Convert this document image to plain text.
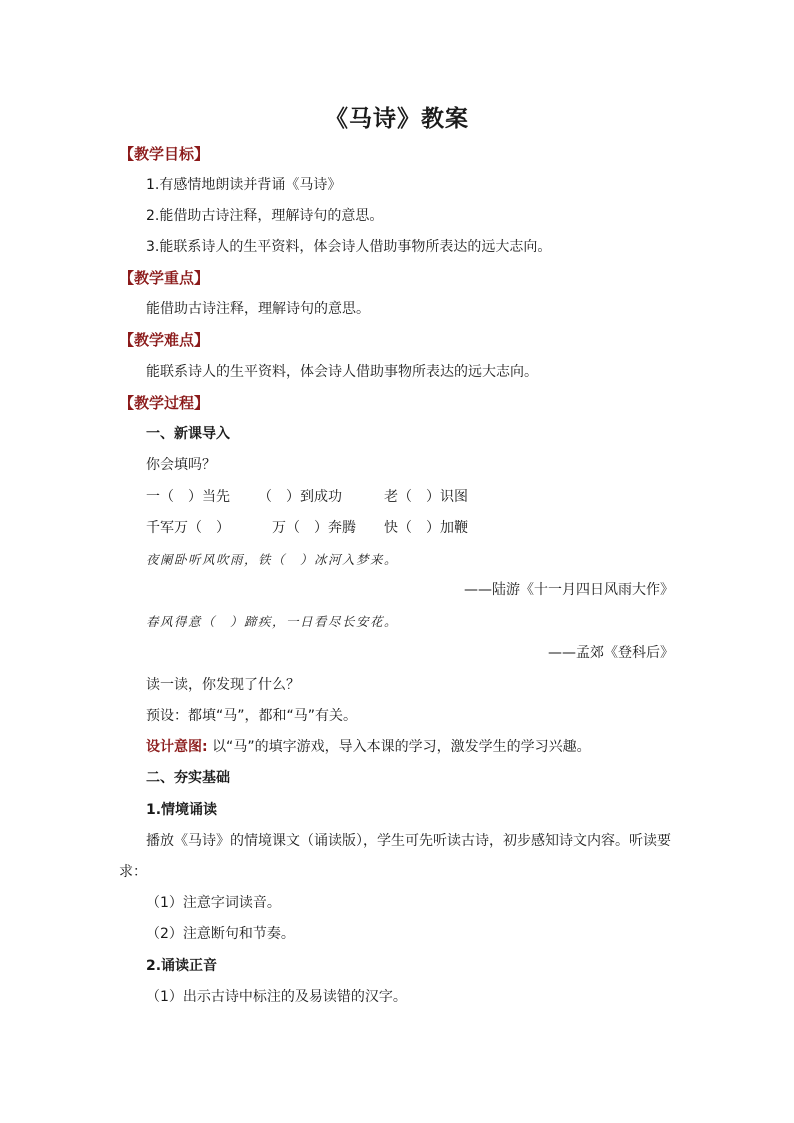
《马诗》教案
【教学目标】
1.有感情地朗读并背诵《马诗》
2.能借助古诗注释，理解诗句的意思。
3.能联系诗人的生平资料，体会诗人借助事物所表达的远大志向。
【教学重点】
能借助古诗注释，理解诗句的意思。
【教学难点】
能联系诗人的生平资料，体会诗人借助事物所表达的远大志向。
【教学过程】
一、新课导入
你会填吗？
一（　）当先 （　）到成功	老（　）识图
千军万（　）	万（　）奔腾 快（　）加鞭
夜阑卧听风吹雨，铁（　）冰河入梦来。
——陆游《十一月四日风雨大作》
春风得意（　）蹄疾，一日看尽长安花。
——孟郊《登科后》
读一读，你发现了什么？
预设：都填“马”，都和“马”有关。
设计意图: 以“马”的填字游戏，导入本课的学习，激发学生的学习兴趣。
二、夯实基础
1.情境诵读
播放《马诗》的情境课文（诵读版），学生可先听读古诗，初步感知诗文内容。听读要
求：
（1）注意字词读音。
（2）注意断句和节奏。
2.诵读正音
（1）出示古诗中标注的及易读错的汉字。
